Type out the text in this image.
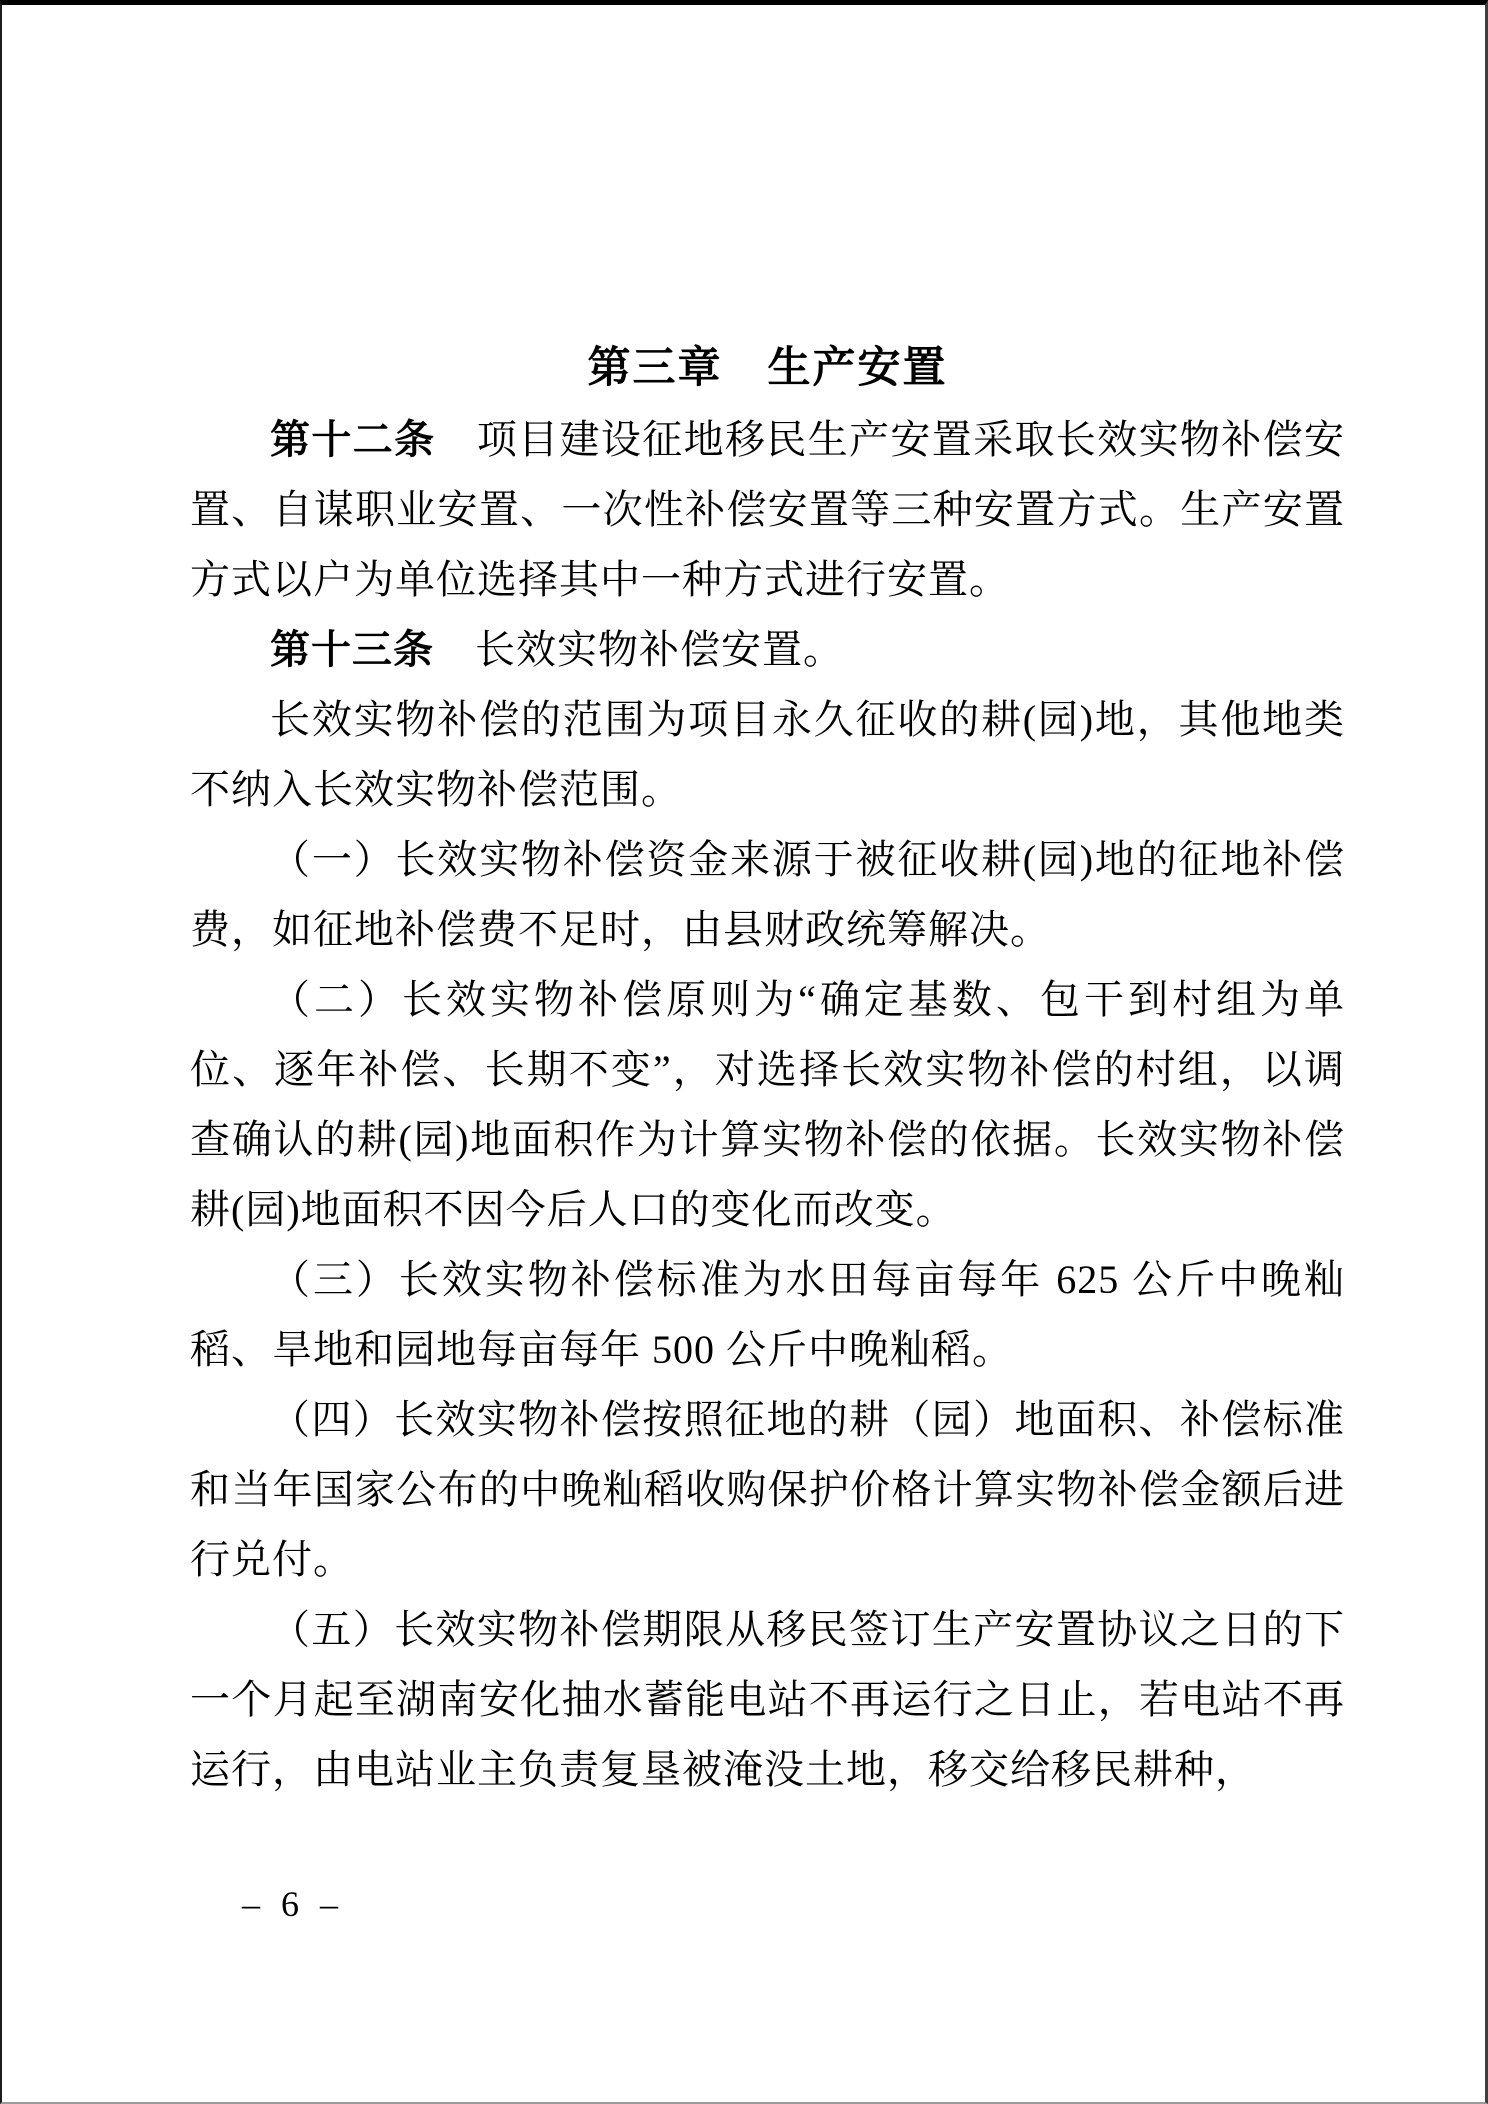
第三章　生产安置

第十二条　项目建设征地移民生产安置采取长效实物补偿安置、自谋职业安置、一次性补偿安置等三种安置方式。生产安置方式以户为单位选择其中一种方式进行安置。

第十三条　长效实物补偿安置。

长效实物补偿的范围为项目永久征收的耕(园)地，其他地类不纳入长效实物补偿范围。

（一）长效实物补偿资金来源于被征收耕(园)地的征地补偿费，如征地补偿费不足时，由县财政统筹解决。

（二）长效实物补偿原则为“确定基数、包干到村组为单位、逐年补偿、长期不变”，对选择长效实物补偿的村组，以调查确认的耕(园)地面积作为计算实物补偿的依据。长效实物补偿耕(园)地面积不因今后人口的变化而改变。

（三）长效实物补偿标准为水田每亩每年 625 公斤中晚籼稻、旱地和园地每亩每年 500 公斤中晚籼稻。

（四）长效实物补偿按照征地的耕（园）地面积、补偿标准和当年国家公布的中晚籼稻收购保护价格计算实物补偿金额后进行兑付。

（五）长效实物补偿期限从移民签订生产安置协议之日的下一个月起至湖南安化抽水蓄能电站不再运行之日止，若电站不再运行，由电站业主负责复垦被淹没土地，移交给移民耕种，

– 6 –
